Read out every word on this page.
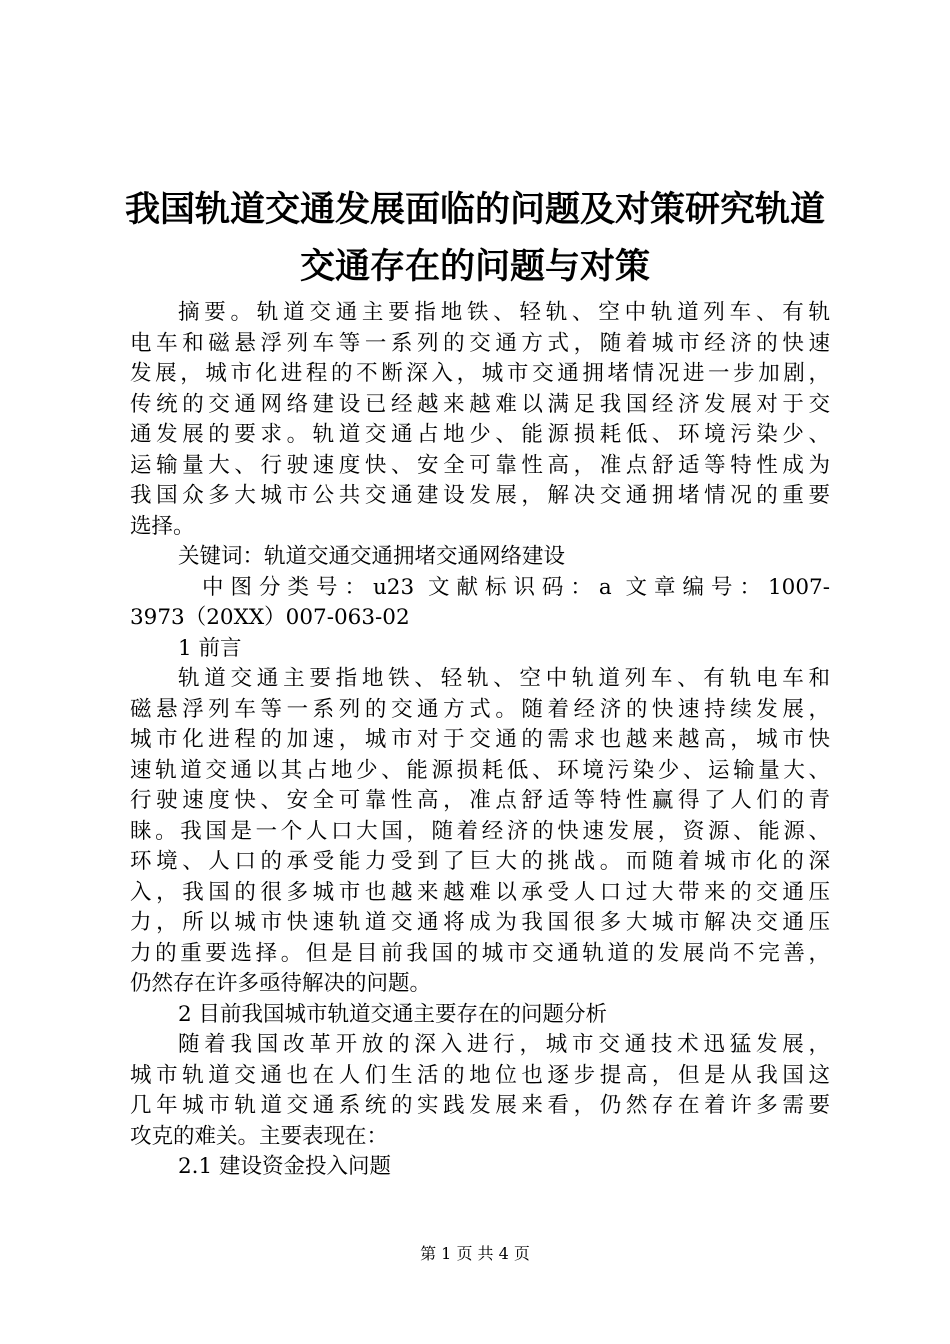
我国轨道交通发展面临的问题及对策研究轨道
交通存在的问题与对策
摘要。轨道交通主要指地铁、轻轨、空中轨道列车、有轨
电车和磁悬浮列车等一系列的交通方式，随着城市经济的快速
发展，城市化进程的不断深入，城市交通拥堵情况进一步加剧，
传统的交通网络建设已经越来越难以满足我国经济发展对于交
通发展的要求。轨道交通占地少、能源损耗低、环境污染少、
运输量大、行驶速度快、安全可靠性高，准点舒适等特性成为
我国众多大城市公共交通建设发展，解决交通拥堵情况的重要
选择。
关键词：轨道交通交通拥堵交通网络建设
中图分类号：u23 文献标识码：a 文章编号：1007-
3973（20XX）007-063-02
1 前言
轨道交通主要指地铁、轻轨、空中轨道列车、有轨电车和
磁悬浮列车等一系列的交通方式。随着经济的快速持续发展，
城市化进程的加速，城市对于交通的需求也越来越高，城市快
速轨道交通以其占地少、能源损耗低、环境污染少、运输量大、
行驶速度快、安全可靠性高，准点舒适等特性赢得了人们的青
睐。我国是一个人口大国，随着经济的快速发展，资源、能源、
环境、人口的承受能力受到了巨大的挑战。而随着城市化的深
入，我国的很多城市也越来越难以承受人口过大带来的交通压
力，所以城市快速轨道交通将成为我国很多大城市解决交通压
力的重要选择。但是目前我国的城市交通轨道的发展尚不完善，
仍然存在许多亟待解决的问题。
2 目前我国城市轨道交通主要存在的问题分析
随着我国改革开放的深入进行，城市交通技术迅猛发展，
城市轨道交通也在人们生活的地位也逐步提高，但是从我国这
几年城市轨道交通系统的实践发展来看，仍然存在着许多需要
攻克的难关。主要表现在：
2.1 建设资金投入问题
第 1 页 共 4 页
